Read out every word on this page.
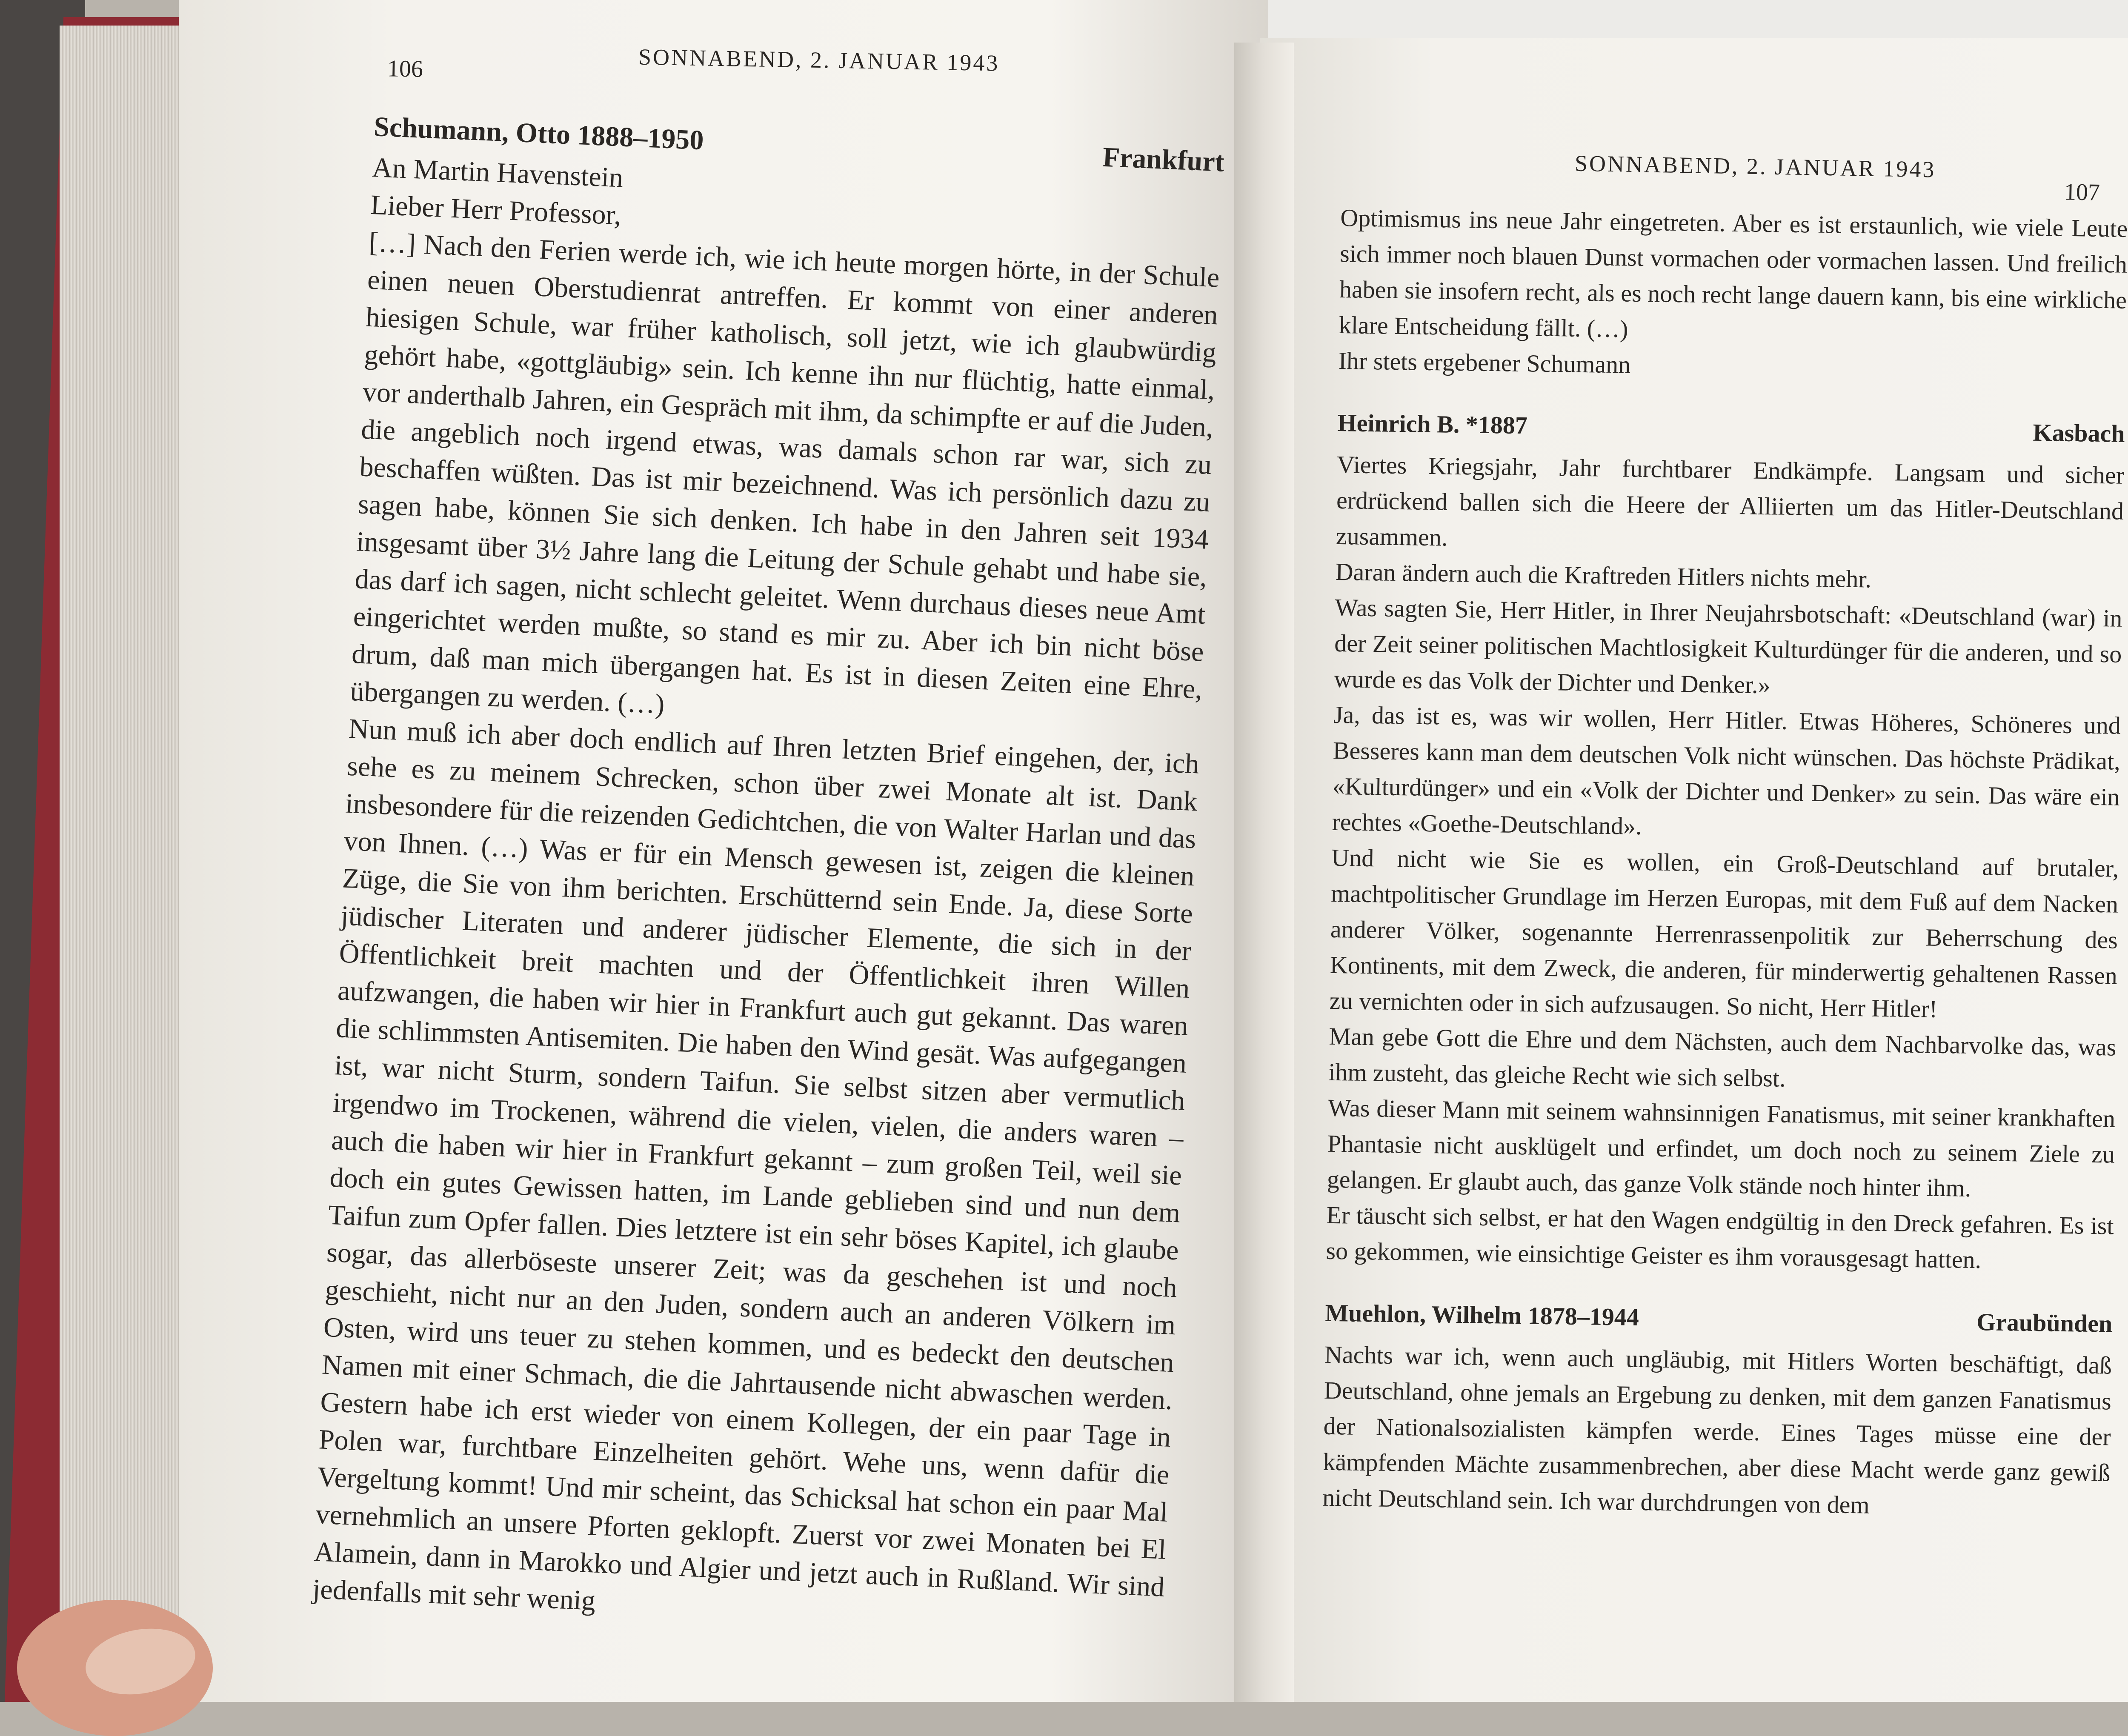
106	SONNABEND, 2. JANUAR 1943
Schumann, Otto 1888–1950
Frankfurt

An Martin Havenstein

Lieber Herr Professor,

[…] Nach den Ferien werde ich, wie ich heute morgen hörte, in der Schule einen neuen Oberstudienrat antreffen. Er kommt von einer anderen hiesigen Schule, war früher katholisch, soll jetzt, wie ich glaubwürdig gehört habe, «gottgläubig» sein. Ich kenne ihn nur flüchtig, hatte einmal, vor anderthalb Jahren, ein Gespräch mit ihm, da schimpfte er auf die Juden, die angeblich noch irgend etwas, was damals schon rar war, sich zu beschaffen wüßten. Das ist mir bezeichnend. Was ich persönlich dazu zu sagen habe, können Sie sich denken. Ich habe in den Jahren seit 1934 insgesamt über 3½ Jahre lang die Leitung der Schule gehabt und habe sie, das darf ich sagen, nicht schlecht geleitet. Wenn durchaus dieses neue Amt eingerichtet werden mußte, so stand es mir zu. Aber ich bin nicht böse drum, daß man mich übergangen hat. Es ist in diesen Zeiten eine Ehre, übergangen zu werden. (…)

Nun muß ich aber doch endlich auf Ihren letzten Brief eingehen, der, ich sehe es zu meinem Schrecken, schon über zwei Monate alt ist. Dank insbesondere für die reizenden Gedichtchen, die von Walter Harlan und das von Ihnen. (…) Was er für ein Mensch gewesen ist, zeigen die kleinen Züge, die Sie von ihm berichten. Erschütternd sein Ende. Ja, diese Sorte jüdischer Literaten und anderer jüdischer Elemente, die sich in der Öffentlichkeit breit machten und der Öffentlichkeit ihren Willen aufzwangen, die haben wir hier in Frankfurt auch gut gekannt. Das waren die schlimmsten Antisemiten. Die haben den Wind gesät. Was aufgegangen ist, war nicht Sturm, sondern Taifun. Sie selbst sitzen aber vermutlich irgendwo im Trockenen, während die vielen, vielen, die anders waren – auch die haben wir hier in Frankfurt gekannt – zum großen Teil, weil sie doch ein gutes Gewissen hatten, im Lande geblieben sind und nun dem Taifun zum Opfer fallen. Dies letztere ist ein sehr böses Kapitel, ich glaube sogar, das allerböseste unserer Zeit; was da geschehen ist und noch geschieht, nicht nur an den Juden, sondern auch an anderen Völkern im Osten, wird uns teuer zu stehen kommen, und es bedeckt den deutschen Namen mit einer Schmach, die die Jahrtausende nicht abwaschen werden. Gestern habe ich erst wieder von einem Kollegen, der ein paar Tage in Polen war, furchtbare Einzelheiten gehört. Wehe uns, wenn dafür die Vergeltung kommt! Und mir scheint, das Schicksal hat schon ein paar Mal vernehmlich an unsere Pforten geklopft. Zuerst vor zwei Monaten bei El Alamein, dann in Marokko und Algier und jetzt auch in Rußland. Wir sind jedenfalls mit sehr wenig

SONNABEND, 2. JANUAR 1943
107

Optimismus ins neue Jahr eingetreten. Aber es ist erstaunlich, wie viele Leute sich immer noch blauen Dunst vormachen oder vormachen lassen. Und freilich haben sie insofern recht, als es noch recht lange dauern kann, bis eine wirkliche klare Entscheidung fällt. (…)

Ihr stets ergebener Schumann

Heinrich B. *1887	Kasbach

Viertes Kriegsjahr, Jahr furchtbarer Endkämpfe. Langsam und sicher erdrückend ballen sich die Heere der Alliierten um das Hitler-Deutschland zusammen.

Daran ändern auch die Kraftreden Hitlers nichts mehr.

Was sagten Sie, Herr Hitler, in Ihrer Neujahrsbotschaft: «Deutschland (war) in der Zeit seiner politischen Machtlosigkeit Kulturdünger für die anderen, und so wurde es das Volk der Dichter und Denker.»

Ja, das ist es, was wir wollen, Herr Hitler. Etwas Höheres, Schöneres und Besseres kann man dem deutschen Volk nicht wünschen. Das höchste Prädikat, «Kulturdünger» und ein «Volk der Dichter und Denker» zu sein. Das wäre ein rechtes «Goethe-Deutschland».

Und nicht wie Sie es wollen, ein Groß-Deutschland auf brutaler, machtpolitischer Grundlage im Herzen Europas, mit dem Fuß auf dem Nacken anderer Völker, sogenannte Herrenrassenpolitik zur Beherrschung des Kontinents, mit dem Zweck, die anderen, für minderwertig gehaltenen Rassen zu vernichten oder in sich aufzusaugen. So nicht, Herr Hitler!

Man gebe Gott die Ehre und dem Nächsten, auch dem Nachbarvolke das, was ihm zusteht, das gleiche Recht wie sich selbst.

Was dieser Mann mit seinem wahnsinnigen Fanatismus, mit seiner krankhaften Phantasie nicht ausklügelt und erfindet, um doch noch zu seinem Ziele zu gelangen. Er glaubt auch, das ganze Volk stände noch hinter ihm.

Er täuscht sich selbst, er hat den Wagen endgültig in den Dreck gefahren. Es ist so gekommen, wie einsichtige Geister es ihm vorausgesagt hatten.

Muehlon, Wilhelm 1878–1944	Graubünden

Nachts war ich, wenn auch ungläubig, mit Hitlers Worten beschäftigt, daß Deutschland, ohne jemals an Ergebung zu denken, mit dem ganzen Fanatismus der Nationalsozialisten kämpfen werde. Eines Tages müsse eine der kämpfenden Mächte zusammenbrechen, aber diese Macht werde ganz gewiß nicht Deutschland sein. Ich war durchdrungen von dem
